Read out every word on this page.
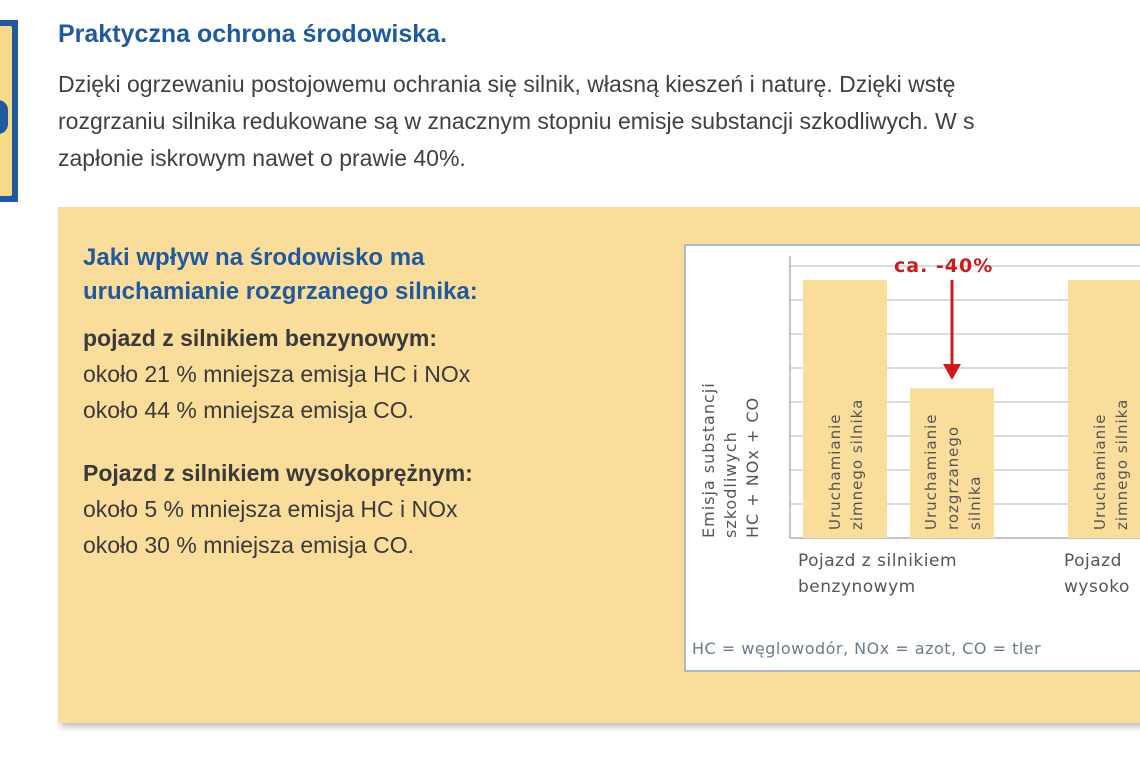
Praktyczna ochrona środowiska.

Dzięki ogrzewaniu postojowemu ochrania się silnik, własną kieszeń i naturę. Dzięki wstę
rozgrzaniu silnika redukowane są w znacznym stopniu emisje substancji szkodliwych. W s
zapłonie iskrowym nawet o prawie 40%.

Jaki wpływ na środowisko ma
uruchamianie rozgrzanego silnika:
pojazd z silnikiem benzynowym:
około 21 % mniejsza emisja HC i NOx
około 44 % mniejsza emisja CO.
Pojazd z silnikiem wysokoprężnym:
około 5 % mniejsza emisja HC i NOx
około 30 % mniejsza emisja CO.
Emisja substancji szkodliwych HC + NOx + CO	Uruchamianie zimnego silnika	Uruchamianie rozgrzanego silnika	Uruchamianie zimnego silnika
ca. -40%
Pojazd z silnikiem
benzynowym
Pojazd
wysoko
HC = węglowodór, NOx = azot, CO = tler
